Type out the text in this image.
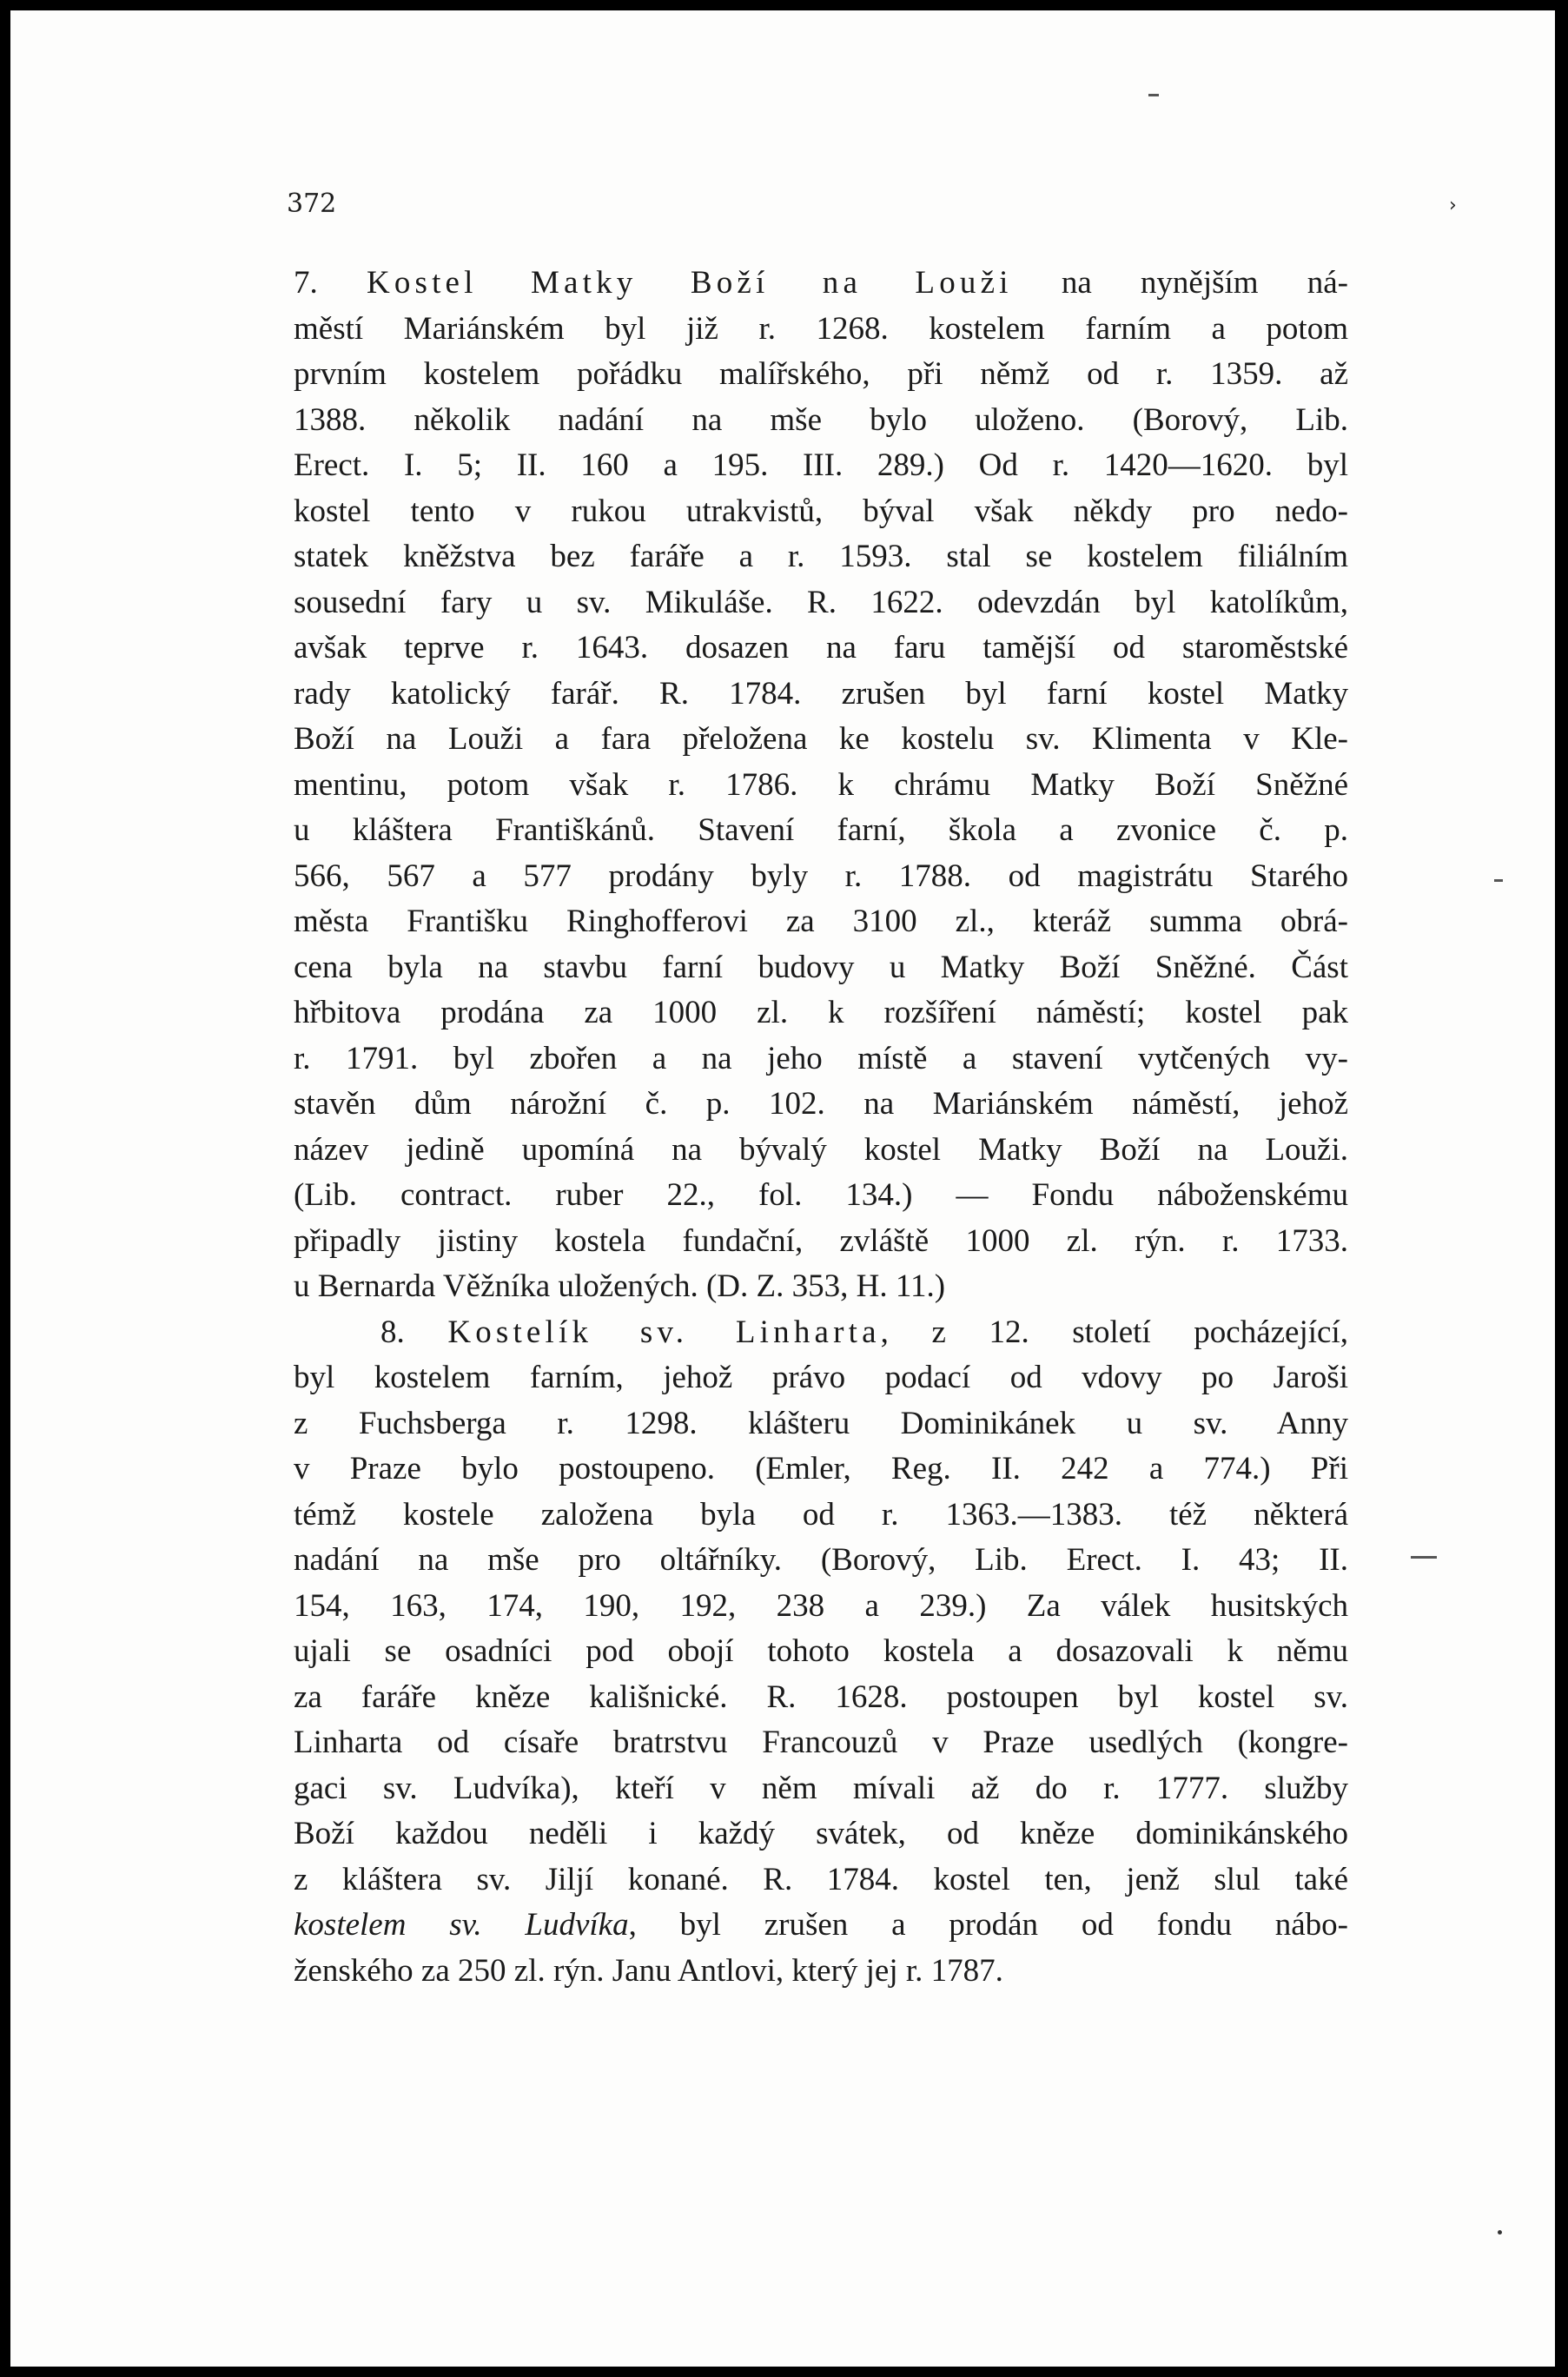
372	›
7. Kostel Matky Boží na Louži na nynějším ná-
městí Mariánském byl již r. 1268. kostelem farním a potom
prvním kostelem pořádku malířského, při němž od r. 1359. až
1388. několik nadání na mše bylo uloženo. (Borový, Lib.
Erect. I. 5; II. 160 a 195. III. 289.) Od r. 1420—1620. byl
kostel tento v rukou utrakvistů, býval však někdy pro nedo-
statek kněžstva bez faráře a r. 1593. stal se kostelem filiálním
sousední fary u sv. Mikuláše. R. 1622. odevzdán byl katolíkům,
avšak teprve r. 1643. dosazen na faru tamější od staroměstské
rady katolický farář. R. 1784. zrušen byl farní kostel Matky
Boží na Louži a fara přeložena ke kostelu sv. Klimenta v Kle-
mentinu, potom však r. 1786. k chrámu Matky Boží Sněžné
u kláštera Františkánů. Stavení farní, škola a zvonice č. p.
566, 567 a 577 prodány byly r. 1788. od magistrátu Starého
města Františku Ringhofferovi za 3100 zl., kteráž summa obrá-
cena byla na stavbu farní budovy u Matky Boží Sněžné. Část
hřbitova prodána za 1000 zl. k rozšíření náměstí; kostel pak
r. 1791. byl zbořen a na jeho místě a stavení vytčených vy-
stavěn dům nárožní č. p. 102. na Mariánském náměstí, jehož
název jedině upomíná na bývalý kostel Matky Boží na Louži.
(Lib. contract. ruber 22., fol. 134.) — Fondu náboženskému
připadly jistiny kostela fundační, zvláště 1000 zl. rýn. r. 1733.
u Bernarda Věžníka uložených. (D. Z. 353, H. 11.)
8. Kostelík sv. Linharta, z 12. století pocházející,
byl kostelem farním, jehož právo podací od vdovy po Jaroši
z Fuchsberga r. 1298. klášteru Dominikánek u sv. Anny
v Praze bylo postoupeno. (Emler, Reg. II. 242 a 774.) Při
témž kostele založena byla od r. 1363.—1383. též některá
nadání na mše pro oltářníky. (Borový, Lib. Erect. I. 43; II.
154, 163, 174, 190, 192, 238 a 239.) Za válek husitských
ujali se osadníci pod obojí tohoto kostela a dosazovali k němu
za faráře kněze kališnické. R. 1628. postoupen byl kostel sv.
Linharta od císaře bratrstvu Francouzů v Praze usedlých (kongre-
gaci sv. Ludvíka), kteří v něm mívali až do r. 1777. služby
Boží každou neděli i každý svátek, od kněze dominikánského
z kláštera sv. Jiljí konané. R. 1784. kostel ten, jenž slul také
kostelem sv. Ludvíka, byl zrušen a prodán od fondu nábo-
ženského za 250 zl. rýn. Janu Antlovi, který jej r. 1787.
